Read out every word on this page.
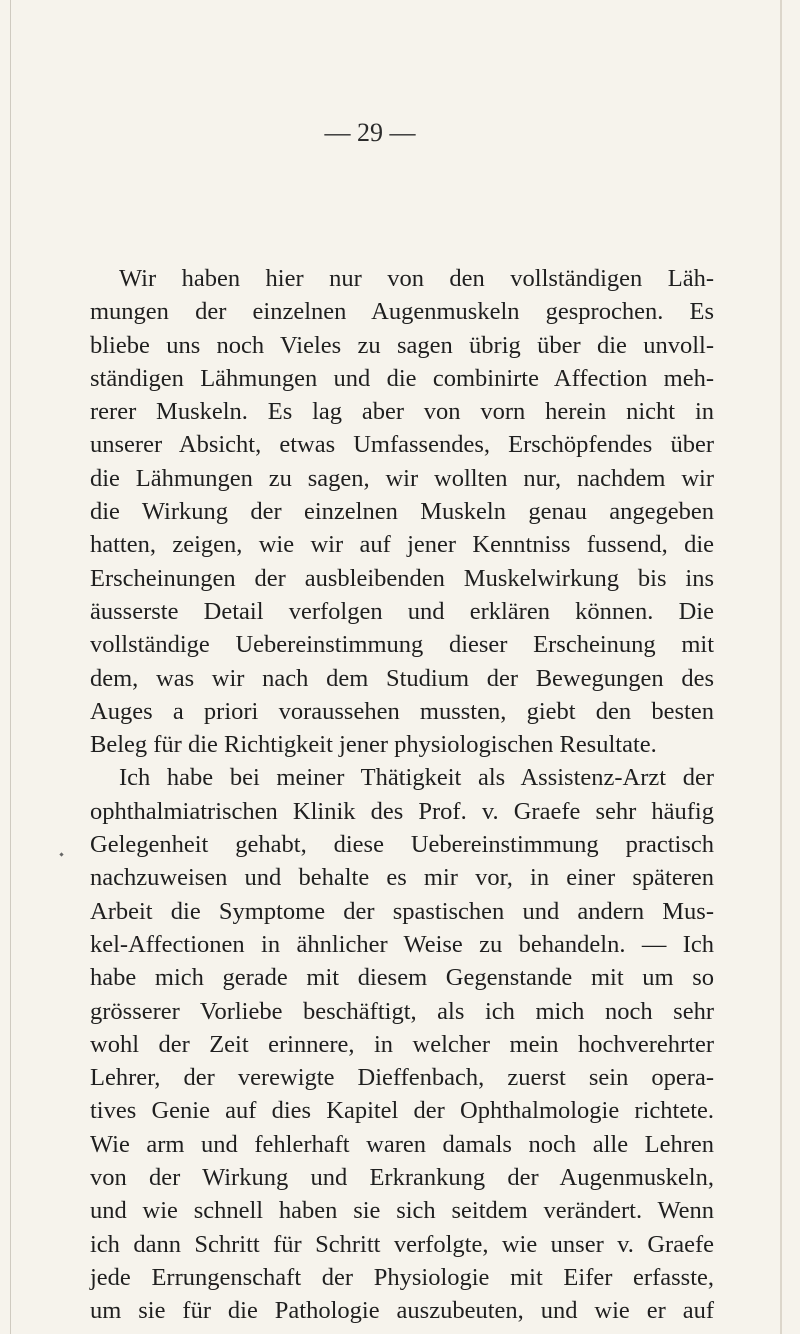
— 29 —
Wir haben hier nur von den vollständigen Läh-
mungen der einzelnen Augenmuskeln gesprochen. Es
bliebe uns noch Vieles zu sagen übrig über die unvoll-
ständigen Lähmungen und die combinirte Affection meh-
rerer Muskeln. Es lag aber von vorn herein nicht in
unserer Absicht, etwas Umfassendes, Erschöpfendes über
die Lähmungen zu sagen, wir wollten nur, nachdem wir
die Wirkung der einzelnen Muskeln genau angegeben
hatten, zeigen, wie wir auf jener Kenntniss fussend, die
Erscheinungen der ausbleibenden Muskelwirkung bis ins
äusserste Detail verfolgen und erklären können. Die
vollständige Uebereinstimmung dieser Erscheinung mit
dem, was wir nach dem Studium der Bewegungen des
Auges a priori voraussehen mussten, giebt den besten
Beleg für die Richtigkeit jener physiologischen Resultate.
Ich habe bei meiner Thätigkeit als Assistenz-Arzt der
ophthalmiatrischen Klinik des Prof. v. Graefe sehr häufig
Gelegenheit gehabt, diese Uebereinstimmung practisch
nachzuweisen und behalte es mir vor, in einer späteren
Arbeit die Symptome der spastischen und andern Mus-
kel-Affectionen in ähnlicher Weise zu behandeln. — Ich
habe mich gerade mit diesem Gegenstande mit um so
grösserer Vorliebe beschäftigt, als ich mich noch sehr
wohl der Zeit erinnere, in welcher mein hochverehrter
Lehrer, der verewigte Dieffenbach, zuerst sein opera-
tives Genie auf dies Kapitel der Ophthalmologie richtete.
Wie arm und fehlerhaft waren damals noch alle Lehren
von der Wirkung und Erkrankung der Augenmuskeln,
und wie schnell haben sie sich seitdem verändert. Wenn
ich dann Schritt für Schritt verfolgte, wie unser v. Graefe
jede Errungenschaft der Physiologie mit Eifer erfasste,
um sie für die Pathologie auszubeuten, und wie er auf
